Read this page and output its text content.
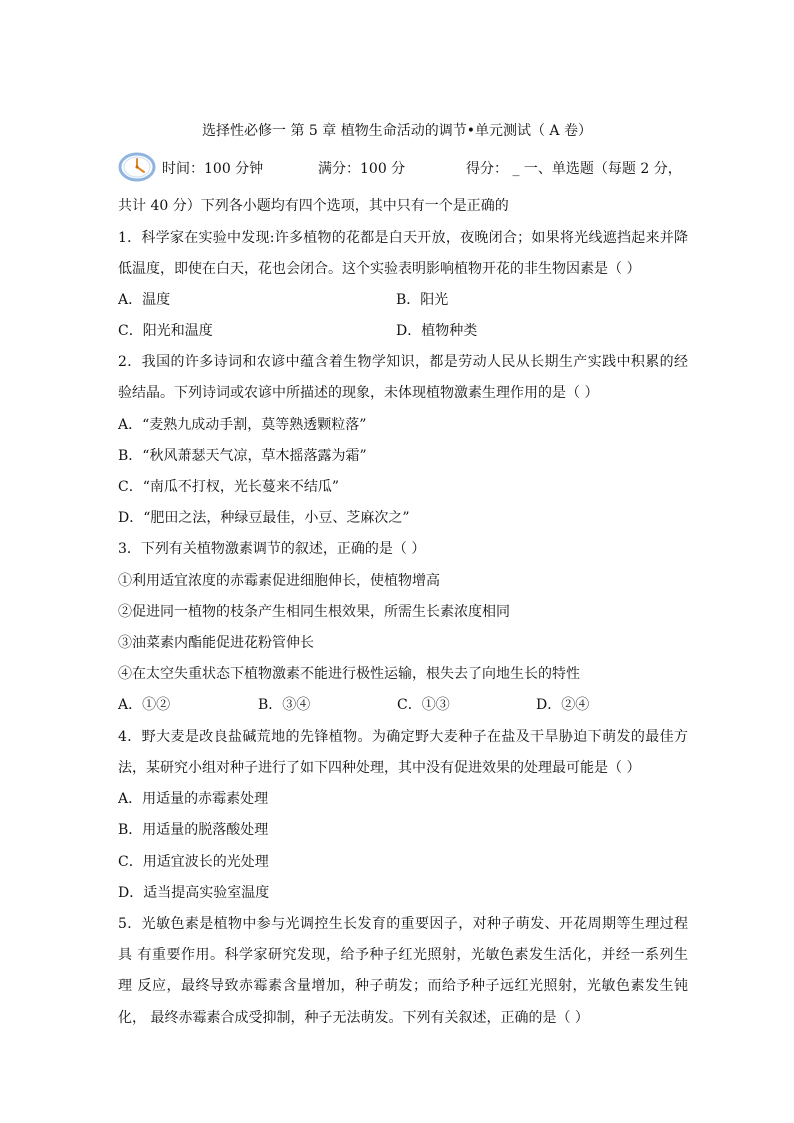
选择性必修一 第 5 章 植物生命活动的调节•单元测试（ A 卷）
时间：100 分钟	满分：100 分	得分： _ 一、单选题（每题 2 分，
共计 40 分）下列各小题均有四个选项，其中只有一个是正确的
1．科学家在实验中发现:许多植物的花都是白天开放，夜晚闭合；如果将光线遮挡起来并降
低温度，即使在白天，花也会闭合。这个实验表明影响植物开花的非生物因素是（ ）
A．温度	B．阳光
C．阳光和温度	D．植物种类
2．我国的许多诗词和农谚中蕴含着生物学知识，都是劳动人民从长期生产实践中积累的经
验结晶。下列诗词或农谚中所描述的现象，未体现植物激素生理作用的是（ ）
A．“麦熟九成动手割，莫等熟透颗粒落”
B．“秋风萧瑟天气凉，草木摇落露为霜”
C．“南瓜不打杈，光长蔓来不结瓜”
D．“肥田之法，种绿豆最佳，小豆、芝麻次之”
3．下列有关植物激素调节的叙述，正确的是（ ）
①利用适宜浓度的赤霉素促进细胞伸长，使植物增高
②促进同一植物的枝条产生相同生根效果，所需生长素浓度相同
③油菜素内酯能促进花粉管伸长
④在太空失重状态下植物激素不能进行极性运输，根失去了向地生长的特性
A．①②	B．③④	C．①③	D．②④
4．野大麦是改良盐碱荒地的先锋植物。为确定野大麦种子在盐及干旱胁迫下萌发的最佳方
法，某研究小组对种子进行了如下四种处理，其中没有促进效果的处理最可能是（ ）
A．用适量的赤霉素处理
B．用适量的脱落酸处理
C．用适宜波长的光处理
D．适当提高实验室温度
5．光敏色素是植物中参与光调控生长发育的重要因子，对种子萌发、开花周期等生理过程
具 有重要作用。科学家研究发现，给予种子红光照射，光敏色素发生活化，并经一系列生
理 反应，最终导致赤霉素含量增加，种子萌发；而给予种子远红光照射，光敏色素发生钝
化， 最终赤霉素合成受抑制，种子无法萌发。下列有关叙述，正确的是（ ）
